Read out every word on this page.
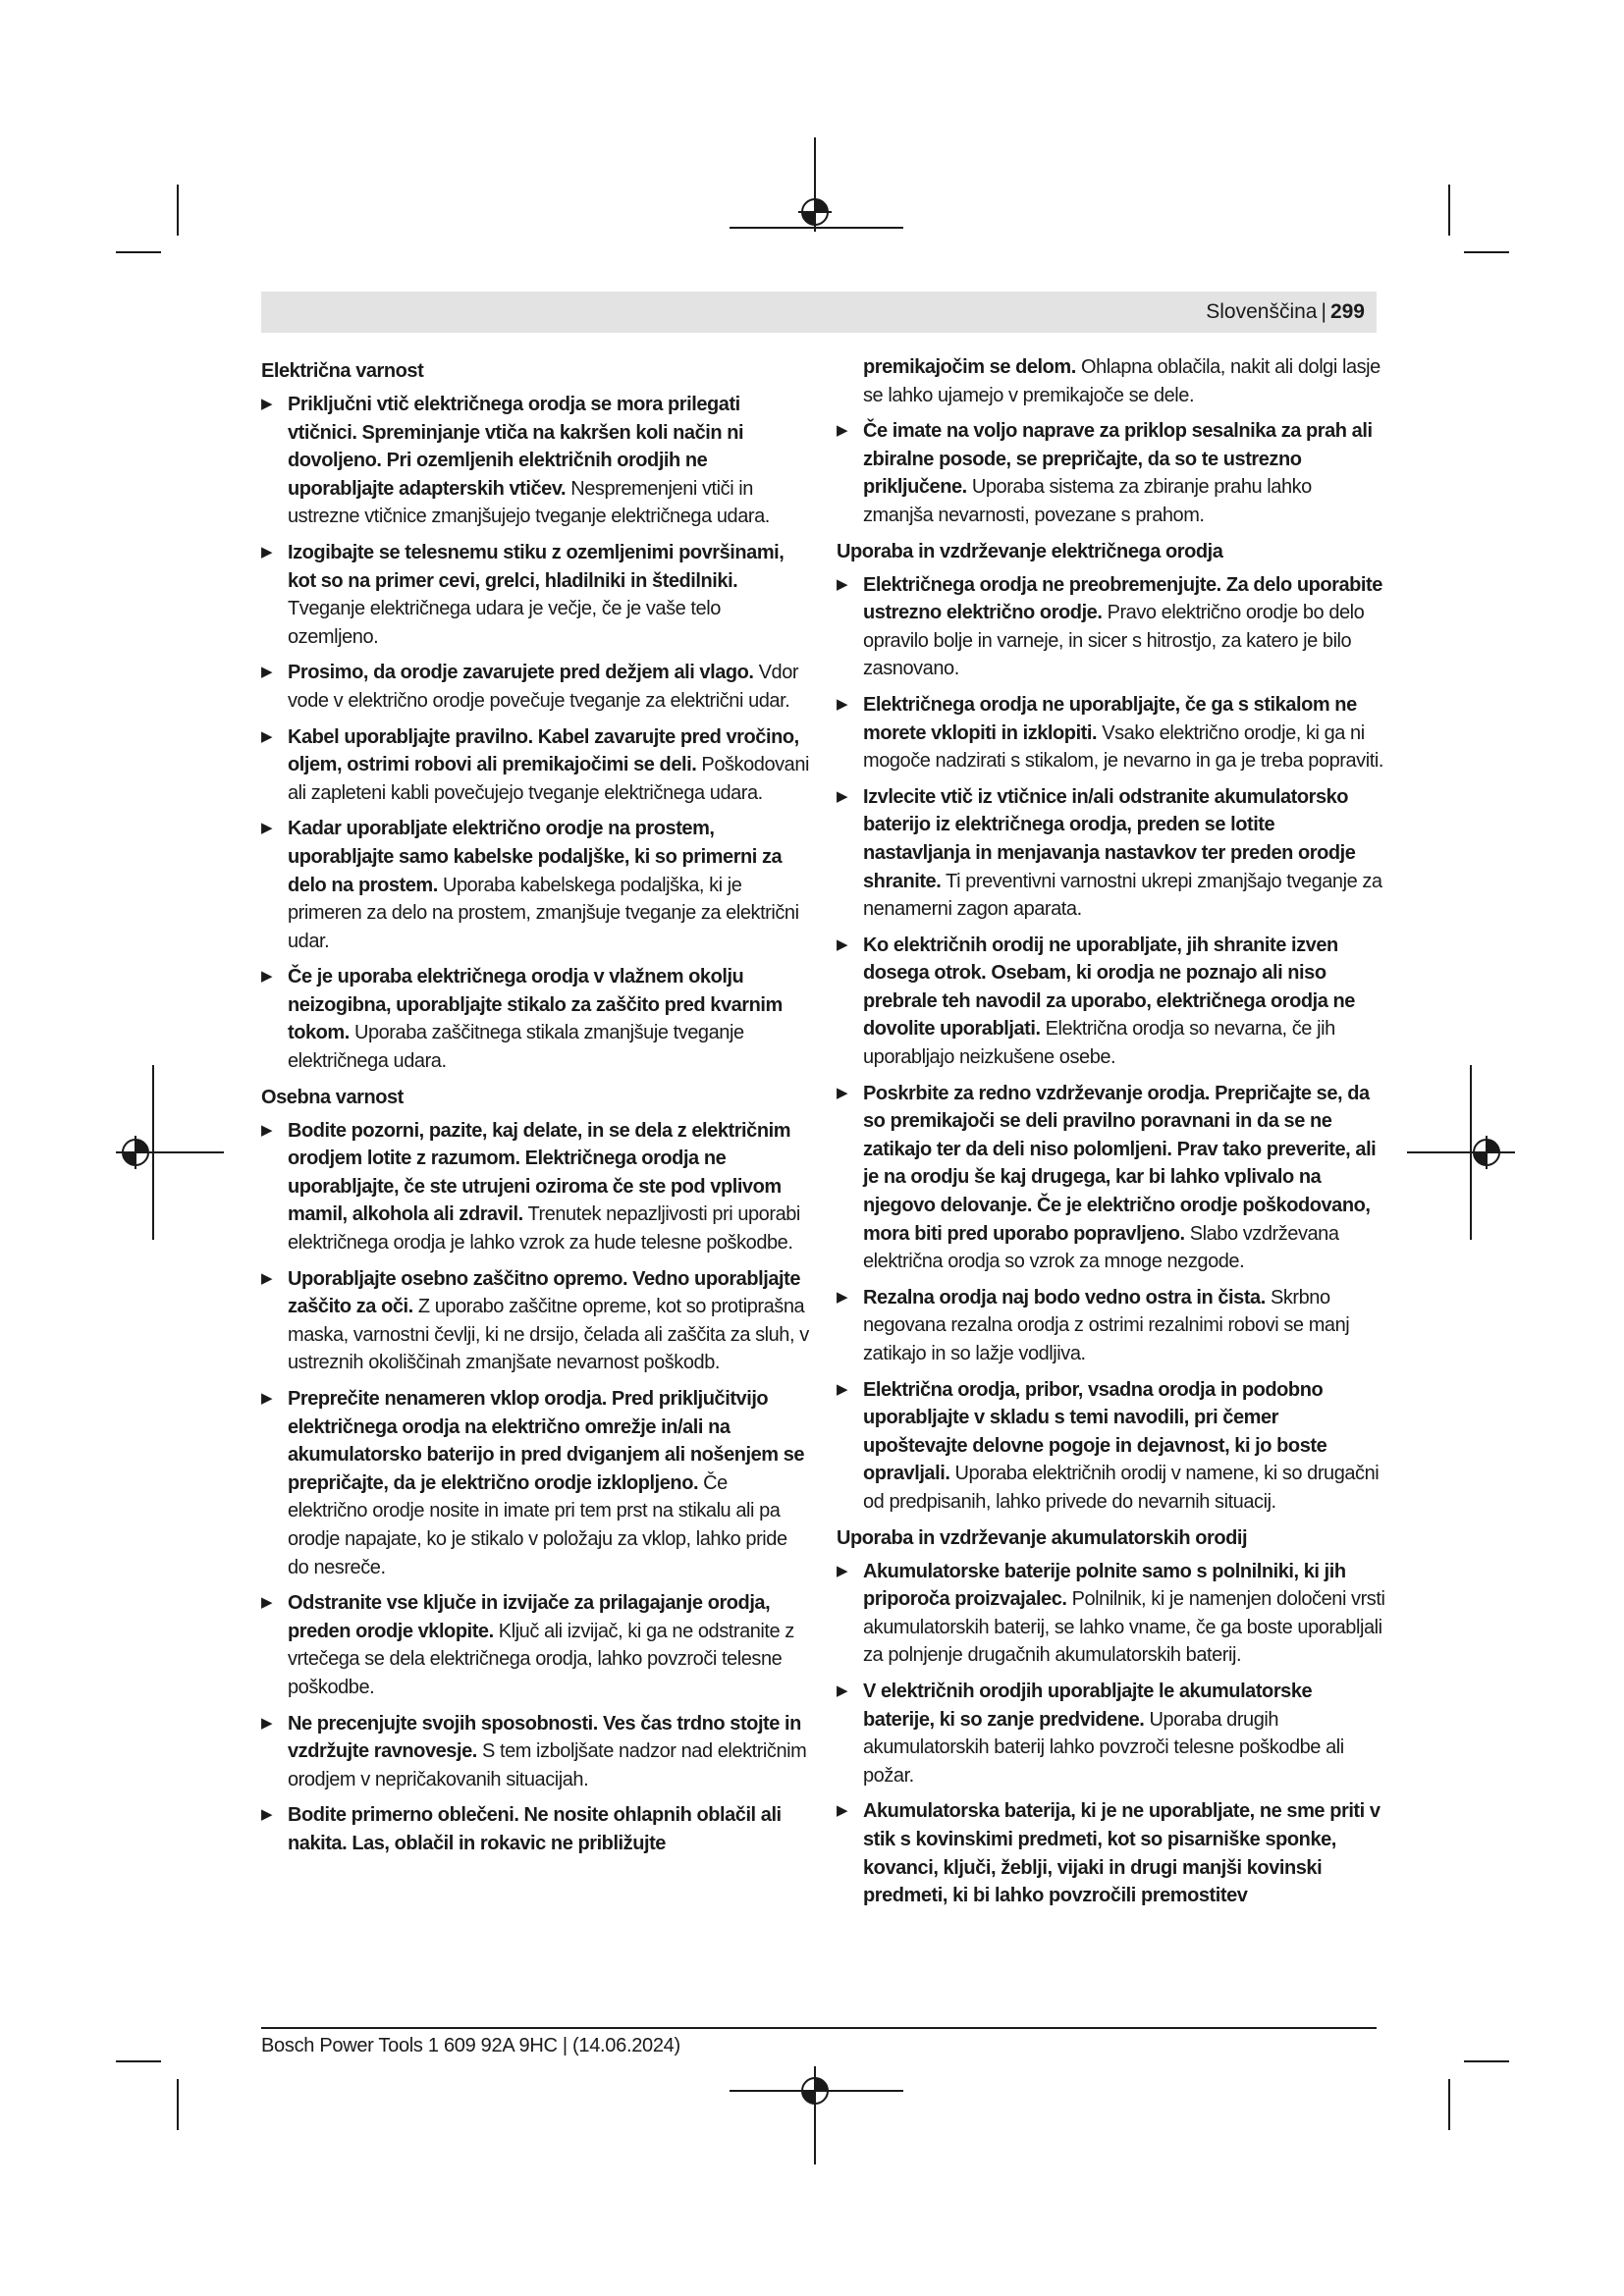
Slovenščina | 299
Električna varnost
▶ Priključni vtič električnega orodja se mora prilegati vtičnici. Spreminjanje vtiča na kakršen koli način ni dovoljeno. Pri ozemljenih električnih orodjih ne uporabljajte adapterskih vtičev. Nespremenjeni vtiči in ustrezne vtičnice zmanjšujejo tveganje električnega udara.
▶ Izogibajte se telesnemu stiku z ozemljenimi površinami, kot so na primer cevi, grelci, hladilniki in štedilniki. Tveganje električnega udara je večje, če je vaše telo ozemljeno.
▶ Prosimo, da orodje zavarujete pred dežjem ali vlago. Vdor vode v električno orodje povečuje tveganje za električni udar.
▶ Kabel uporabljajte pravilno. Kabel zavarujte pred vročino, oljem, ostrimi robovi ali premikajočimi se deli. Poškodovani ali zapleteni kabli povečujejo tveganje električnega udara.
▶ Kadar uporabljate električno orodje na prostem, uporabljajte samo kabelske podaljške, ki so primerni za delo na prostem. Uporaba kabelskega podaljška, ki je primeren za delo na prostem, zmanjšuje tveganje za električni udar.
▶ Če je uporaba električnega orodja v vlažnem okolju neizogibna, uporabljajte stikalo za zaščito pred kvarnim tokom. Uporaba zaščitnega stikala zmanjšuje tveganje električnega udara.
Osebna varnost
▶ Bodite pozorni, pazite, kaj delate, in se dela z električnim orodjem lotite z razumom. Električnega orodja ne uporabljajte, če ste utrujeni oziroma če ste pod vplivom mamil, alkohola ali zdravil. Trenutek nepazljivosti pri uporabi električnega orodja je lahko vzrok za hude telesne poškodbe.
▶ Uporabljajte osebno zaščitno opremo. Vedno uporabljajte zaščito za oči. Z uporabo zaščitne opreme, kot so protiprašna maska, varnostni čevlji, ki ne drsijo, čelada ali zaščita za sluh, v ustreznih okoliščinah zmanjšate nevarnost poškodb.
▶ Preprečite nenameren vklop orodja. Pred priključitvijo električnega orodja na električno omrežje in/ali na akumulatorsko baterijo in pred dviganjem ali nošenjem se prepričajte, da je električno orodje izklopljeno. Če električno orodje nosite in imate pri tem prst na stikalu ali pa orodje napajate, ko je stikalo v položaju za vklop, lahko pride do nesreče.
▶ Odstranite vse ključe in izvijače za prilagajanje orodja, preden orodje vklopite. Ključ ali izvijač, ki ga ne odstranite z vrtečega se dela električnega orodja, lahko povzroči telesne poškodbe.
▶ Ne precenjujte svojih sposobnosti. Ves čas trdno stojte in vzdržujte ravnovesje. S tem izboljšate nadzor nad električnim orodjem v nepričakovanih situacijah.
▶ Bodite primerno oblečeni. Ne nosite ohlapnih oblačil ali nakita. Las, oblačil in rokavic ne približujte
premikajočim se delom. Ohlapna oblačila, nakit ali dolgi lasje se lahko ujamejo v premikajoče se dele.
▶ Če imate na voljo naprave za priklop sesalnika za prah ali zbiralne posode, se prepričajte, da so te ustrezno priključene. Uporaba sistema za zbiranje prahu lahko zmanjša nevarnosti, povezane s prahom.
Uporaba in vzdrževanje električnega orodja
▶ Električnega orodja ne preobremenjujte. Za delo uporabite ustrezno električno orodje. Pravo električno orodje bo delo opravilo bolje in varneje, in sicer s hitrostjo, za katero je bilo zasnovano.
▶ Električnega orodja ne uporabljajte, če ga s stikalom ne morete vklopiti in izklopiti. Vsako električno orodje, ki ga ni mogoče nadzirati s stikalom, je nevarno in ga je treba popraviti.
▶ Izvlecite vtič iz vtičnice in/ali odstranite akumulatorsko baterijo iz električnega orodja, preden se lotite nastavljanja in menjavanja nastavkov ter preden orodje shranite. Ti preventivni varnostni ukrepi zmanjšajo tveganje za nenamerni zagon aparata.
▶ Ko električnih orodij ne uporabljate, jih shranite izven dosega otrok. Osebam, ki orodja ne poznajo ali niso prebrale teh navodil za uporabo, električnega orodja ne dovolite uporabljati. Električna orodja so nevarna, če jih uporabljajo neizkušene osebe.
▶ Poskrbite za redno vzdrževanje orodja. Prepričajte se, da so premikajoči se deli pravilno poravnani in da se ne zatikajo ter da deli niso polomljeni. Prav tako preverite, ali je na orodju še kaj drugega, kar bi lahko vplivalo na njegovo delovanje. Če je električno orodje poškodovano, mora biti pred uporabo popravljeno. Slabo vzdrževana električna orodja so vzrok za mnoge nezgode.
▶ Rezalna orodja naj bodo vedno ostra in čista. Skrbno negovana rezalna orodja z ostrimi rezalnimi robovi se manj zatikajo in so lažje vodljiva.
▶ Električna orodja, pribor, vsadna orodja in podobno uporabljajte v skladu s temi navodili, pri čemer upoštevajte delovne pogoje in dejavnost, ki jo boste opravljali. Uporaba električnih orodij v namene, ki so drugačni od predpisanih, lahko privede do nevarnih situacij.
Uporaba in vzdrževanje akumulatorskih orodij
▶ Akumulatorske baterije polnite samo s polnilniki, ki jih priporoča proizvajalec. Polnilnik, ki je namenjen določeni vrsti akumulatorskih baterij, se lahko vname, če ga boste uporabljali za polnjenje drugačnih akumulatorskih baterij.
▶ V električnih orodjih uporabljajte le akumulatorske baterije, ki so zanje predvidene. Uporaba drugih akumulatorskih baterij lahko povzroči telesne poškodbe ali požar.
▶ Akumulatorska baterija, ki je ne uporabljate, ne sme priti v stik s kovinskimi predmeti, kot so pisarniške sponke, kovanci, ključi, žeblji, vijaki in drugi manjši kovinski predmeti, ki bi lahko povzročili premostitev
Bosch Power Tools 1 609 92A 9HC | (14.06.2024)
